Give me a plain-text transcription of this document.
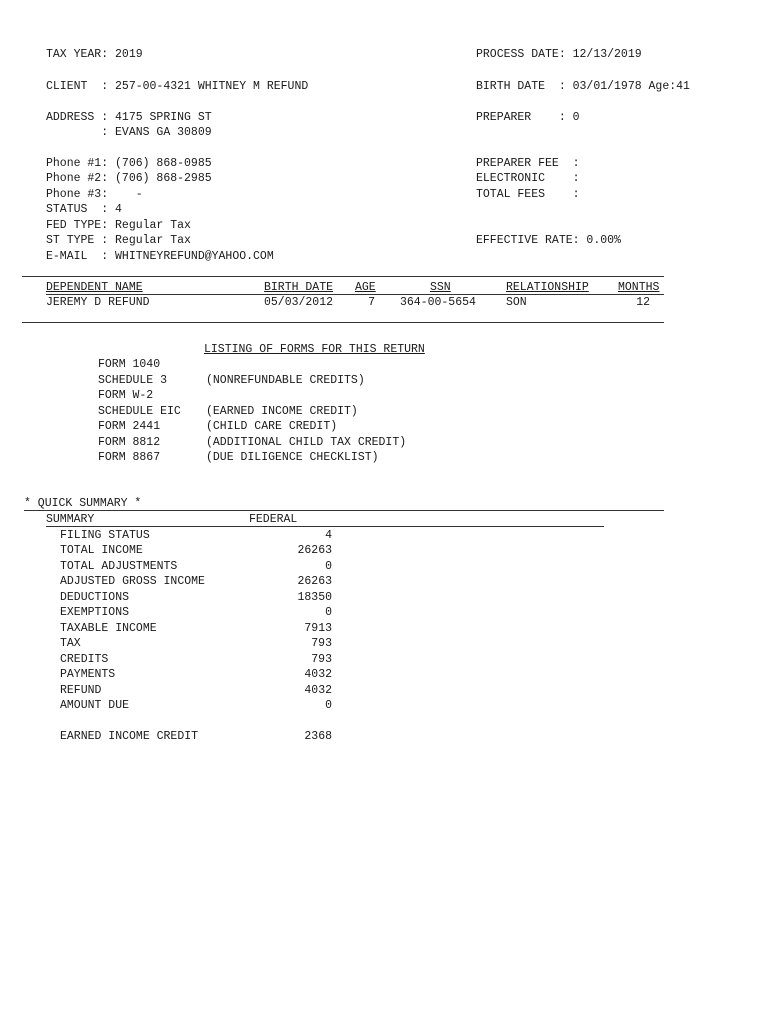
TAX YEAR: 2019	PROCESS DATE: 12/13/2019
CLIENT  : 257-00-4321 WHITNEY M REFUND	BIRTH DATE  : 03/01/1978 Age:41
ADDRESS : 4175 SPRING ST	PREPARER    : 0
: EVANS GA 30809
Phone #1: (706) 868-0985	PREPARER FEE  :
Phone #2: (706) 868-2985	ELECTRONIC    :
Phone #3:    -	TOTAL FEES    :
STATUS  : 4
FED TYPE: Regular Tax
ST TYPE : Regular Tax	EFFECTIVE RATE: 0.00%
E-MAIL  : WHITNEYREFUND@YAHOO.COM
DEPENDENT NAME	BIRTH DATE AGE	SSN	RELATIONSHIP	MONTHS
JEREMY D REFUND	05/03/2012	7 364-00-5654	SON	12
LISTING OF FORMS FOR THIS RETURN
FORM 1040
SCHEDULE 3	(NONREFUNDABLE CREDITS)
FORM W-2
SCHEDULE EIC (EARNED INCOME CREDIT)
FORM 2441	(CHILD CARE CREDIT)
FORM 8812	(ADDITIONAL CHILD TAX CREDIT)
FORM 8867	(DUE DILIGENCE CHECKLIST)
* QUICK SUMMARY *
SUMMARY	FEDERAL
FILING STATUS	4
TOTAL INCOME	26263
TOTAL ADJUSTMENTS	0
ADJUSTED GROSS INCOME	26263
DEDUCTIONS	18350
EXEMPTIONS	0
TAXABLE INCOME	7913
TAX	793
CREDITS	793
PAYMENTS	4032
REFUND	4032
AMOUNT DUE	0
EARNED INCOME CREDIT	2368
